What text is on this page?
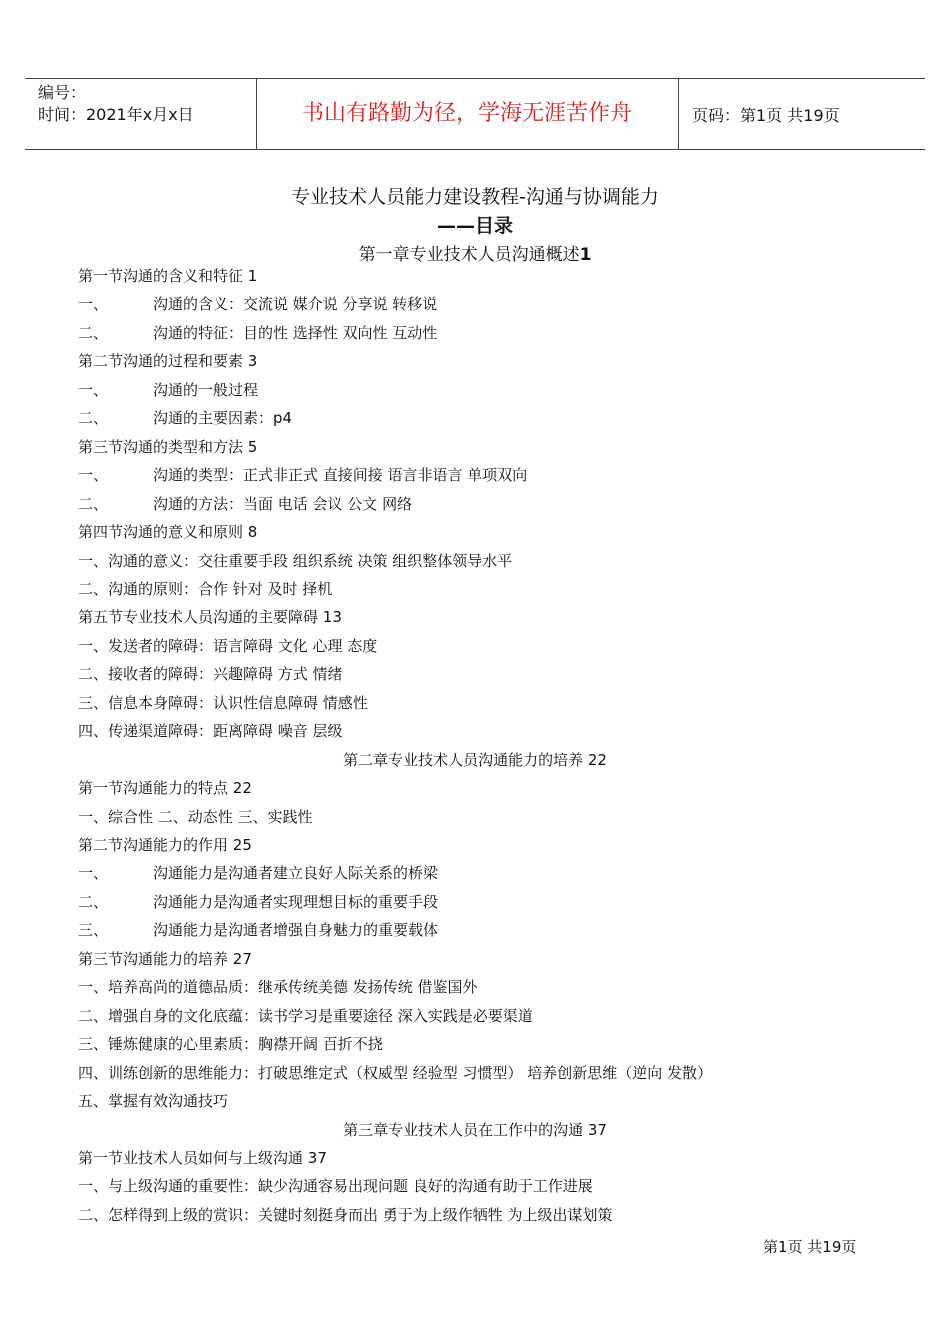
编号：
时间：2021年x月x日	书山有路勤为径，学海无涯苦作舟	页码：第1页 共19页
专业技术人员能力建设教程-沟通与协调能力
——目录
第一章专业技术人员沟通概述1
第一节沟通的含义和特征 1
一、	沟通的含义：交流说 媒介说 分享说 转移说
二、	沟通的特征：目的性 选择性 双向性 互动性
第二节沟通的过程和要素 3
一、	沟通的一般过程
二、	沟通的主要因素：p4
第三节沟通的类型和方法 5
一、	沟通的类型：正式非正式 直接间接 语言非语言 单项双向
二、	沟通的方法：当面 电话 会议 公文 网络
第四节沟通的意义和原则 8
一、沟通的意义：交往重要手段 组织系统 决策 组织整体领导水平
二、沟通的原则：合作 针对 及时 择机
第五节专业技术人员沟通的主要障碍 13
一、发送者的障碍：语言障碍 文化 心理 态度
二、接收者的障碍：兴趣障碍 方式 情绪
三、信息本身障碍：认识性信息障碍 情感性
四、传递渠道障碍：距离障碍 噪音 层级
第二章专业技术人员沟通能力的培养 22
第一节沟通能力的特点 22
一、综合性 二、动态性 三、实践性
第二节沟通能力的作用 25
一、	沟通能力是沟通者建立良好人际关系的桥梁
二、	沟通能力是沟通者实现理想目标的重要手段
三、	沟通能力是沟通者增强自身魅力的重要载体
第三节沟通能力的培养 27
一、培养高尚的道德品质：继承传统美德 发扬传统 借鉴国外
二、增强自身的文化底蕴：读书学习是重要途径 深入实践是必要渠道
三、锤炼健康的心里素质：胸襟开阔 百折不挠
四、训练创新的思维能力：打破思维定式（权威型 经验型 习惯型） 培养创新思维（逆向 发散）
五、掌握有效沟通技巧
第三章专业技术人员在工作中的沟通 37
第一节业技术人员如何与上级沟通 37
一、与上级沟通的重要性：缺少沟通容易出现问题 良好的沟通有助于工作进展
二、怎样得到上级的赏识：关键时刻挺身而出 勇于为上级作牺牲 为上级出谋划策
第1页 共19页
